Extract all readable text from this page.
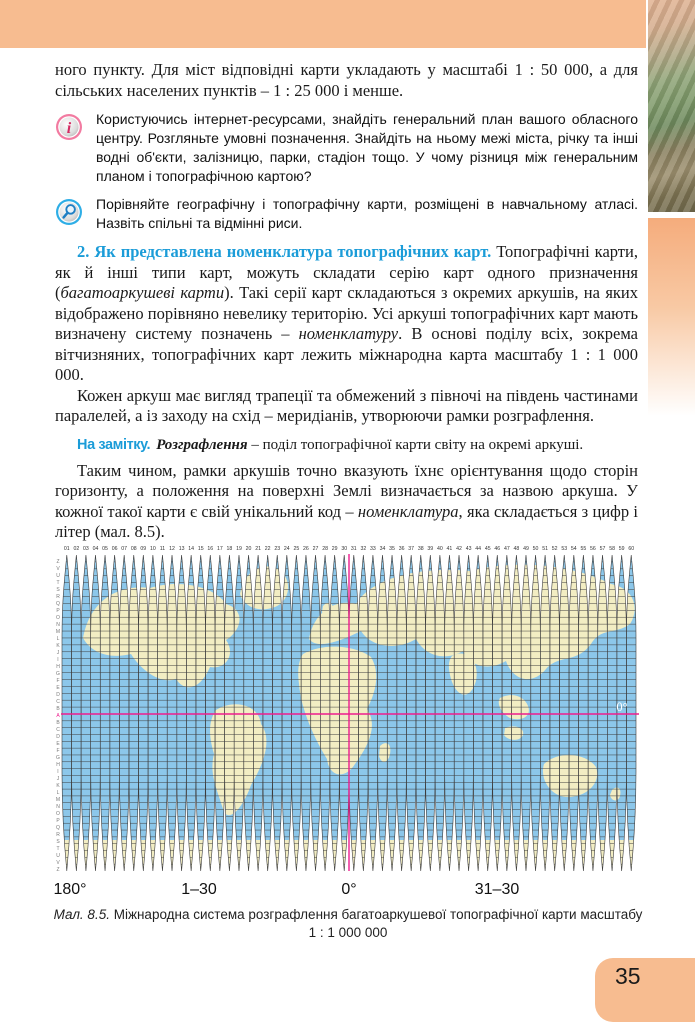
ного пункту. Для міст відповідні карти укладають у масштабі 1 : 50 000, а для сільських населених пунктів – 1 : 25 000 і менше.

i
Користуючись інтернет-ресурсами, знайдіть генеральний план вашого обласного центру. Розгляньте умовні позначення. Знайдіть на ньому межі міста, річку та інші водні об'єкти, залізницю, парки, стадіон тощо. У чому різниця між генеральним планом і топографічною картою?
Порівняйте географічну і топографічну карти, розміщені в навчальному атласі. Назвіть спільні та відмінні риси.

2. Як представлена номенклатура топографічних карт. Топографічні карти, як й інші типи карт, можуть складати серію карт одного призначення (багатоаркушеві карти). Такі серії карт складаються з окремих аркушів, на яких відображено порівняно невелику територію. Усі аркуші топографічних карт мають визначену систему позначень – номенклатуру. В основі поділу всіх, зокрема вітчизняних, топографічних карт лежить міжнародна карта масштабу 1 : 1 000 000.

Кожен аркуш має вигляд трапеції та обмежений з півночі на південь частинами паралелей, а із заходу на схід – меридіанів, утворюючи рамки розграфлення.

На замітку. Розграфлення – поділ топографічної карти світу на окремі аркуші.

Таким чином, рамки аркушів точно вказують їхнє орієнтування щодо сторін горизонту, а положення на поверхні Землі визначається за назвою аркуша. У кожної такої карти є свій унікальний код – номенклатура, яка складається з цифр і літер (мал. 8.5).

01 02 03 04 05 06 07 08 09 10 11 12 13 14 15 16 17 18 19 20 21 22 23 24 25 26 27 28 29 30 31 32 33 34 35 36 37 38 39 40 41 42 43 44 45 46 47 48 49 50 51 52 53 54 55 56 57 58 59 60
Z
V
U
T
S
R
Q
P
O
N
M
L
K
J
I
H
G
F
E
D
C
B
A
B
C
D
E
F
G
H
I
J
K
L
M
N
O
P
Q
R
S
T
U
V
Z
180°	1–30	0°	31–30
0°
Мал. 8.5. Міжнародна система розграфлення багатоаркушевої топографічної карти масштабу 1 : 1 000 000
35
